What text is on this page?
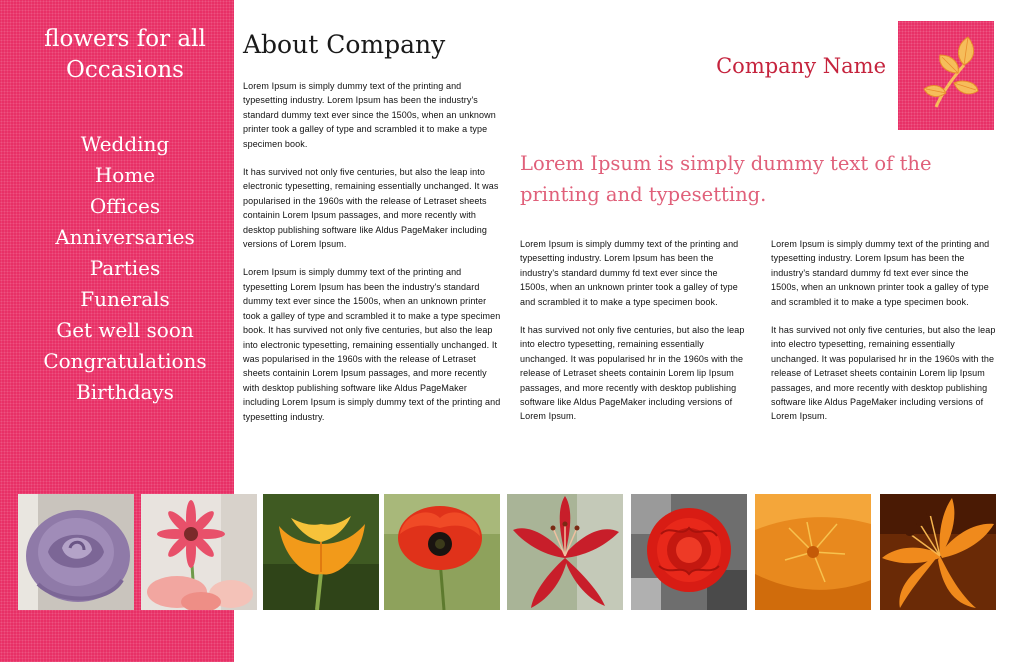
flowers for all
Occasions
Wedding
Home
Offices
Anniversaries
Parties
Funerals
Get well soon
Congratulations
Birthdays
About Company

Lorem Ipsum is simply dummy text of the printing and typesetting industry. Lorem Ipsum has been the industry's standard dummy text ever since the 1500s, when an unknown printer took a galley of type and scrambled it to make a type specimen book.

It has survived not only five centuries, but also the leap into electronic typesetting, remaining essentially unchanged. It was popularised in the 1960s with the release of Letraset sheets containin Lorem Ipsum passages, and more recently with desktop publishing software like Aldus PageMaker including versions of Lorem Ipsum.

Lorem Ipsum is simply dummy text of the printing and typesetting Lorem Ipsum has been the industry's standard dummy text ever since the 1500s, when an unknown printer took a galley of type and scrambled it to make a type specimen book. It has survived not only five centuries, but also the leap into electronic typesetting, remaining essentially unchanged. It was popularised in the 1960s with the release of Letraset sheets containin Lorem Ipsum passages, and more recently with desktop publishing software like Aldus PageMaker including Lorem Ipsum is simply dummy text of the printing and typesetting industry.

Company Name
Lorem Ipsum is simply dummy text of the printing and typesetting.

Lorem Ipsum is simply dummy text of the printing and typesetting industry. Lorem Ipsum has been the industry's standard dummy fd text ever since the 1500s, when an unknown printer took a galley of type and scrambled it to make a type specimen book.

It has survived not only five centuries, but also the leap into electro typesetting, remaining essentially unchanged. It was popularised hr in the 1960s with the release of Letraset sheets containin Lorem lip Ipsum passages, and more recently with desktop publishing software like Aldus PageMaker including versions of Lorem Ipsum.

Lorem Ipsum is simply dummy text of the printing and typesetting industry. Lorem Ipsum has been the industry's standard dummy fd text ever since the 1500s, when an unknown printer took a galley of type and scrambled it to make a type specimen book.

It has survived not only five centuries, but also the leap into electro typesetting, remaining essentially unchanged. It was popularised hr in the 1960s with the release of Letraset sheets containin Lorem lip Ipsum passages, and more recently with desktop publishing software like Aldus PageMaker including versions of Lorem Ipsum.
